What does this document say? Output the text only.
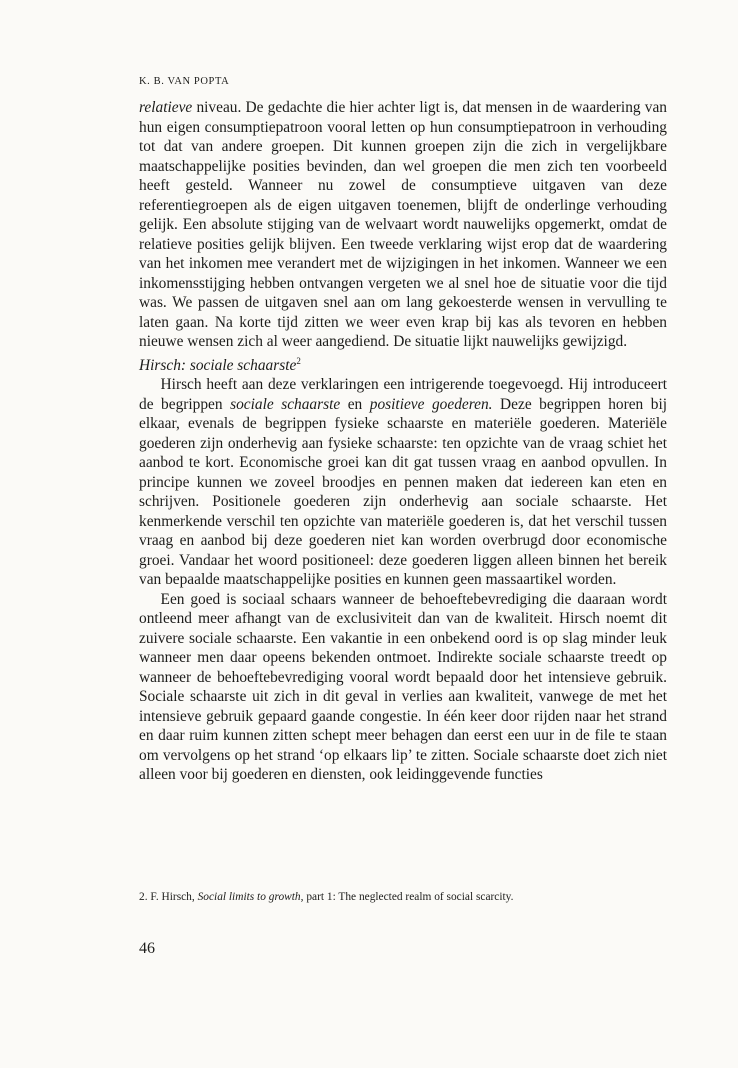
K. B. VAN POPTA

relatieve niveau. De gedachte die hier achter ligt is, dat mensen in de waardering van hun eigen consumptiepatroon vooral letten op hun consumptiepatroon in verhouding tot dat van andere groepen. Dit kunnen groepen zijn die zich in vergelijkbare maatschappelijke posities bevinden, dan wel groepen die men zich ten voorbeeld heeft gesteld. Wanneer nu zowel de consumptieve uitgaven van deze referentiegroepen als de eigen uitgaven toenemen, blijft de onderlinge verhouding gelijk. Een absolute stijging van de welvaart wordt nauwelijks opgemerkt, omdat de relatieve posities gelijk blijven. Een tweede verklaring wijst erop dat de waardering van het inkomen mee verandert met de wijzigingen in het inkomen. Wanneer we een inkomensstijging hebben ontvangen vergeten we al snel hoe de situatie voor die tijd was. We passen de uitgaven snel aan om lang gekoesterde wensen in vervulling te laten gaan. Na korte tijd zitten we weer even krap bij kas als tevoren en hebben nieuwe wensen zich al weer aangediend. De situatie lijkt nauwelijks gewijzigd.

Hirsch: sociale schaarste$^2$

Hirsch heeft aan deze verklaringen een intrigerende toegevoegd. Hij introduceert de begrippen sociale schaarste en positieve goederen. Deze begrippen horen bij elkaar, evenals de begrippen fysieke schaarste en materiële goederen. Materiële goederen zijn onderhevig aan fysieke schaarste: ten opzichte van de vraag schiet het aanbod te kort. Economische groei kan dit gat tussen vraag en aanbod opvullen. In principe kunnen we zoveel broodjes en pennen maken dat iedereen kan eten en schrijven. Positionele goederen zijn onderhevig aan sociale schaarste. Het kenmerkende verschil ten opzichte van materiële goederen is, dat het verschil tussen vraag en aanbod bij deze goederen niet kan worden overbrugd door economische groei. Vandaar het woord positioneel: deze goederen liggen alleen binnen het bereik van bepaalde maatschappelijke posities en kunnen geen massaartikel worden.

Een goed is sociaal schaars wanneer de behoeftebevrediging die daaraan wordt ontleend meer afhangt van de exclusiviteit dan van de kwaliteit. Hirsch noemt dit zuivere sociale schaarste. Een vakantie in een onbekend oord is op slag minder leuk wanneer men daar opeens bekenden ontmoet. Indirekte sociale schaarste treedt op wanneer de behoeftebevrediging vooral wordt bepaald door het intensieve gebruik. Sociale schaarste uit zich in dit geval in verlies aan kwaliteit, vanwege de met het intensieve gebruik gepaard gaande congestie. In één keer door rijden naar het strand en daar ruim kunnen zitten schept meer behagen dan eerst een uur in de file te staan om vervolgens op het strand ‘op elkaars lip’ te zitten. Sociale schaarste doet zich niet alleen voor bij goederen en diensten, ook leidinggevende functies

2. F. Hirsch, Social limits to growth, part 1: The neglected realm of social scarcity.
46
